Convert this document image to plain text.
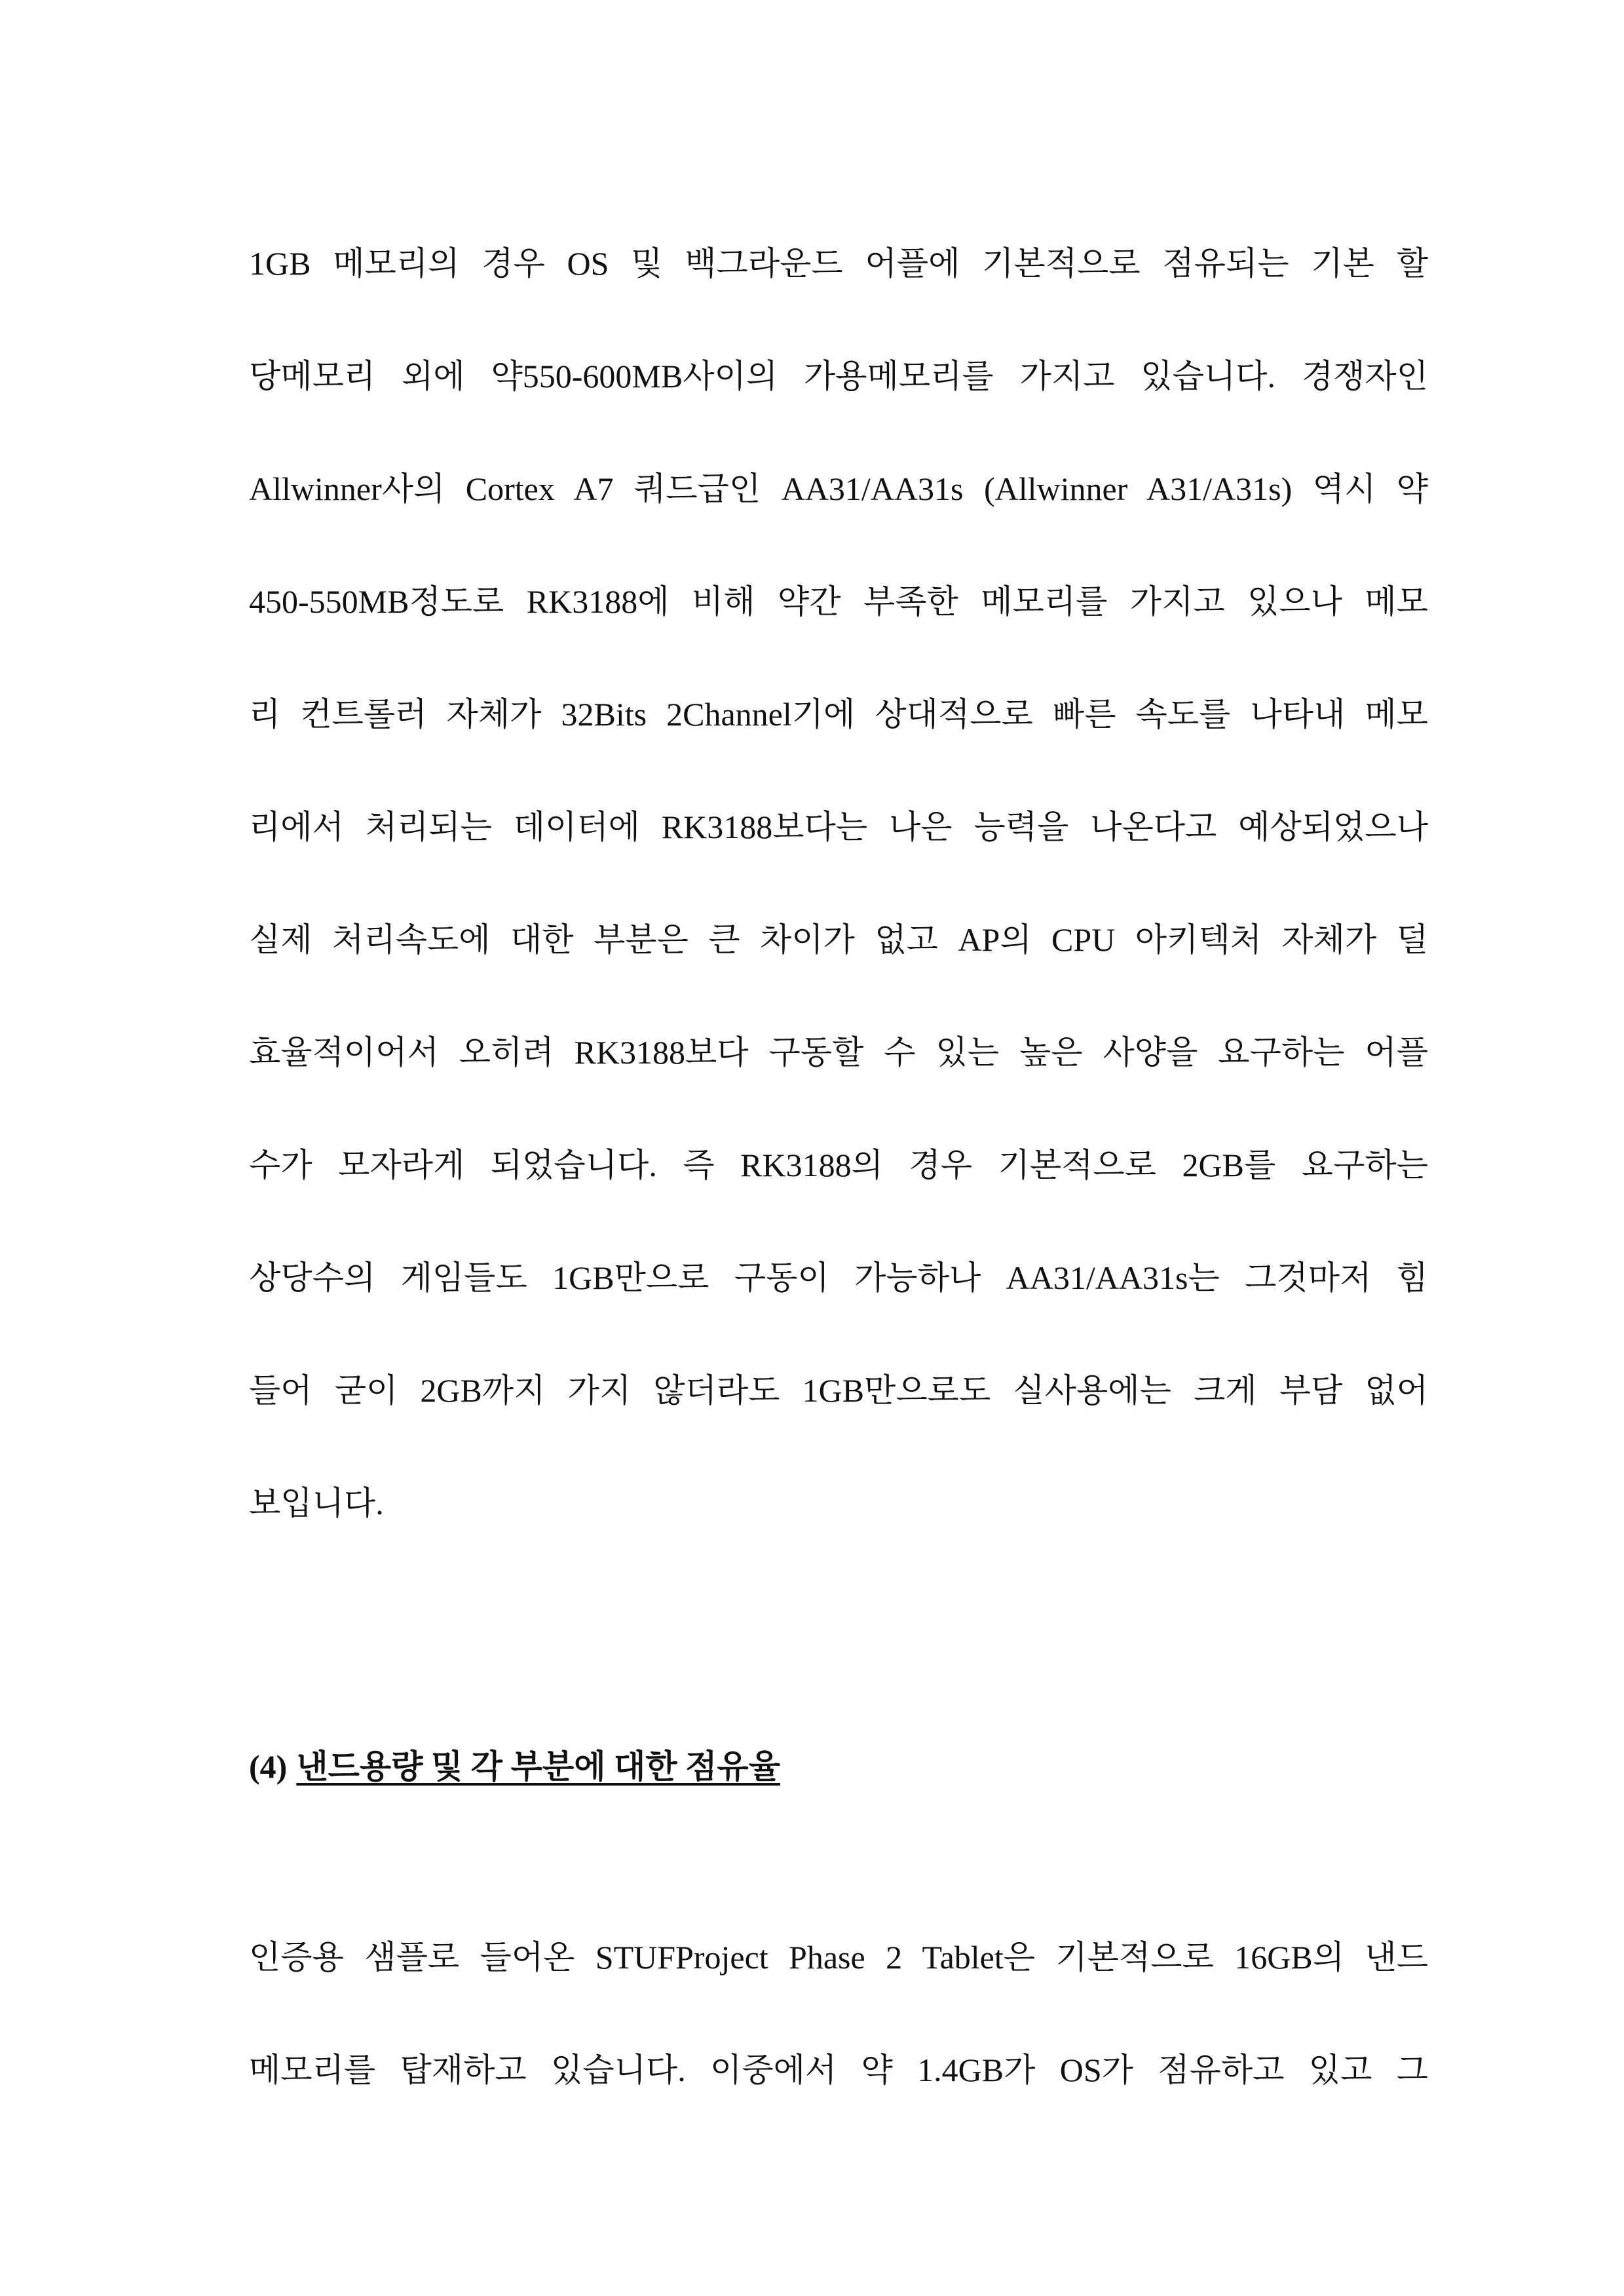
1GB 메모리의 경우 OS 및 백그라운드 어플에 기본적으로 점유되는 기본 할
당메모리 외에 약550-600MB사이의 가용메모리를 가지고 있습니다. 경쟁자인
Allwinner사의 Cortex A7 쿼드급인 AA31/AA31s (Allwinner A31/A31s) 역시 약
450-550MB정도로 RK3188에 비해 약간 부족한 메모리를 가지고 있으나 메모
리 컨트롤러 자체가 32Bits 2Channel기에 상대적으로 빠른 속도를 나타내 메모
리에서 처리되는 데이터에 RK3188보다는 나은 능력을 나온다고 예상되었으나
실제 처리속도에 대한 부분은 큰 차이가 없고 AP의 CPU 아키텍처 자체가 덜
효율적이어서 오히려 RK3188보다 구동할 수 있는 높은 사양을 요구하는 어플
수가 모자라게 되었습니다. 즉 RK3188의 경우 기본적으로 2GB를 요구하는
상당수의 게임들도 1GB만으로 구동이 가능하나 AA31/AA31s는 그것마저 힘
들어 굳이 2GB까지 가지 않더라도 1GB만으로도 실사용에는 크게 부담 없어
보입니다.
(4) 낸드용량 및 각 부분에 대한 점유율
인증용 샘플로 들어온 STUFProject Phase 2 Tablet은 기본적으로 16GB의 낸드
메모리를 탑재하고 있습니다. 이중에서 약 1.4GB가 OS가 점유하고 있고 그
